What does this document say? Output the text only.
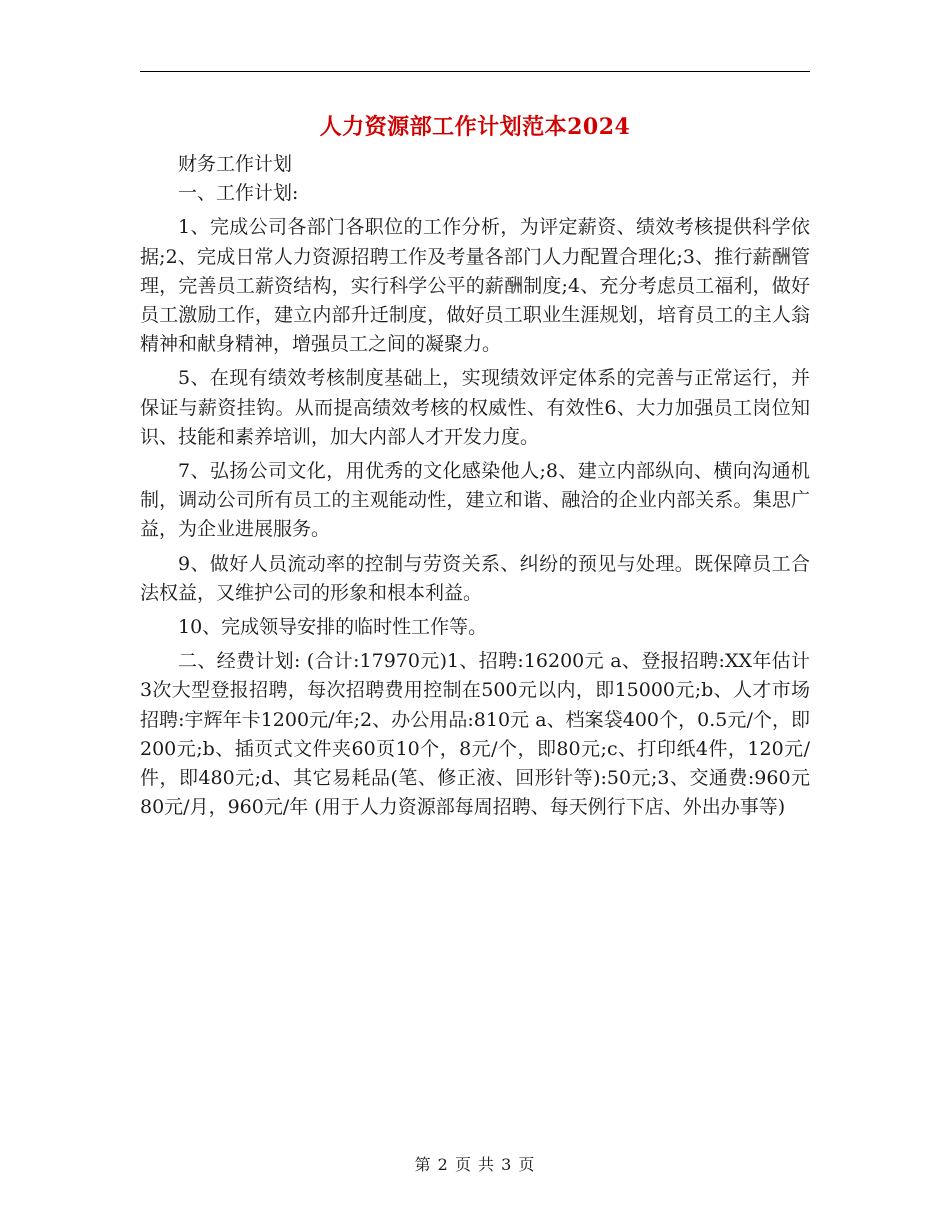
人力资源部工作计划范本2024

财务工作计划

一、工作计划:

1、完成公司各部门各职位的工作分析，为评定薪资、绩效考核提供科学依据;2、完成日常人力资源招聘工作及考量各部门人力配置合理化;3、推行薪酬管理，完善员工薪资结构，实行科学公平的薪酬制度;4、充分考虑员工福利，做好员工激励工作，建立内部升迁制度，做好员工职业生涯规划，培育员工的主人翁精神和献身精神，增强员工之间的凝聚力。

5、在现有绩效考核制度基础上，实现绩效评定体系的完善与正常运行，并保证与薪资挂钩。从而提高绩效考核的权威性、有效性6、大力加强员工岗位知识、技能和素养培训，加大内部人才开发力度。

7、弘扬公司文化，用优秀的文化感染他人;8、建立内部纵向、横向沟通机制，调动公司所有员工的主观能动性，建立和谐、融洽的企业内部关系。集思广益，为企业进展服务。

9、做好人员流动率的控制与劳资关系、纠纷的预见与处理。既保障员工合法权益，又维护公司的形象和根本利益。

10、完成领导安排的临时性工作等。

二、经费计划: (合计:17970元)1、招聘:16200元 a、登报招聘:XX年估计3次大型登报招聘，每次招聘费用控制在500元以内，即15000元;b、人才市场招聘:宇辉年卡1200元/年;2、办公用品:810元 a、档案袋400个，0.5元/个，即200元;b、插页式文件夹60页10个，8元/个，即80元;c、打印纸4件，120元/件，即480元;d、其它易耗品(笔、修正液、回形针等):50元;3、交通费:960元 80元/月，960元/年 (用于人力资源部每周招聘、每天例行下店、外出办事等)

第 2 页 共 3 页
